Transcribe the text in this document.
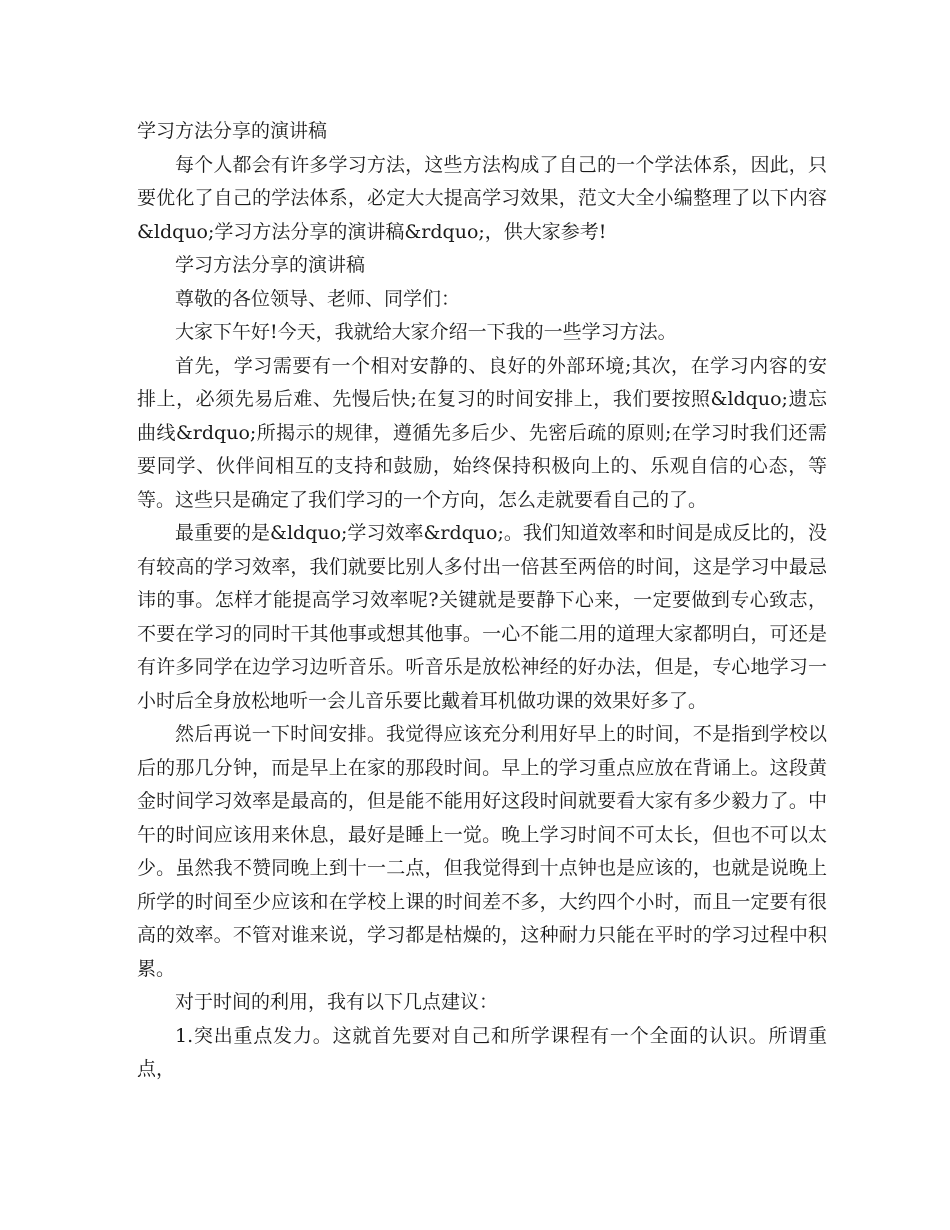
学习方法分享的演讲稿

每个人都会有许多学习方法，这些方法构成了自己的一个学法体系，因此，只要优化了自己的学法体系，必定大大提高学习效果，范文大全小编整理了以下内容&ldquo;学习方法分享的演讲稿&rdquo;，供大家参考!

学习方法分享的演讲稿

尊敬的各位领导、老师、同学们：

大家下午好!今天，我就给大家介绍一下我的一些学习方法。

首先，学习需要有一个相对安静的、良好的外部环境;其次，在学习内容的安排上，必须先易后难、先慢后快;在复习的时间安排上，我们要按照&ldquo;遗忘曲线&rdquo;所揭示的规律，遵循先多后少、先密后疏的原则;在学习时我们还需要同学、伙伴间相互的支持和鼓励，始终保持积极向上的、乐观自信的心态，等等。这些只是确定了我们学习的一个方向，怎么走就要看自己的了。

最重要的是&ldquo;学习效率&rdquo;。我们知道效率和时间是成反比的，没有较高的学习效率，我们就要比别人多付出一倍甚至两倍的时间，这是学习中最忌讳的事。怎样才能提高学习效率呢?关键就是要静下心来，一定要做到专心致志，不要在学习的同时干其他事或想其他事。一心不能二用的道理大家都明白，可还是有许多同学在边学习边听音乐。听音乐是放松神经的好办法，但是，专心地学习一小时后全身放松地听一会儿音乐要比戴着耳机做功课的效果好多了。

然后再说一下时间安排。我觉得应该充分利用好早上的时间，不是指到学校以后的那几分钟，而是早上在家的那段时间。早上的学习重点应放在背诵上。这段黄金时间学习效率是最高的，但是能不能用好这段时间就要看大家有多少毅力了。中午的时间应该用来休息，最好是睡上一觉。晚上学习时间不可太长，但也不可以太少。虽然我不赞同晚上到十一二点，但我觉得到十点钟也是应该的，也就是说晚上所学的时间至少应该和在学校上课的时间差不多，大约四个小时，而且一定要有很高的效率。不管对谁来说，学习都是枯燥的，这种耐力只能在平时的学习过程中积累。

对于时间的利用，我有以下几点建议：

1.突出重点发力。这就首先要对自己和所学课程有一个全面的认识。所谓重点，
